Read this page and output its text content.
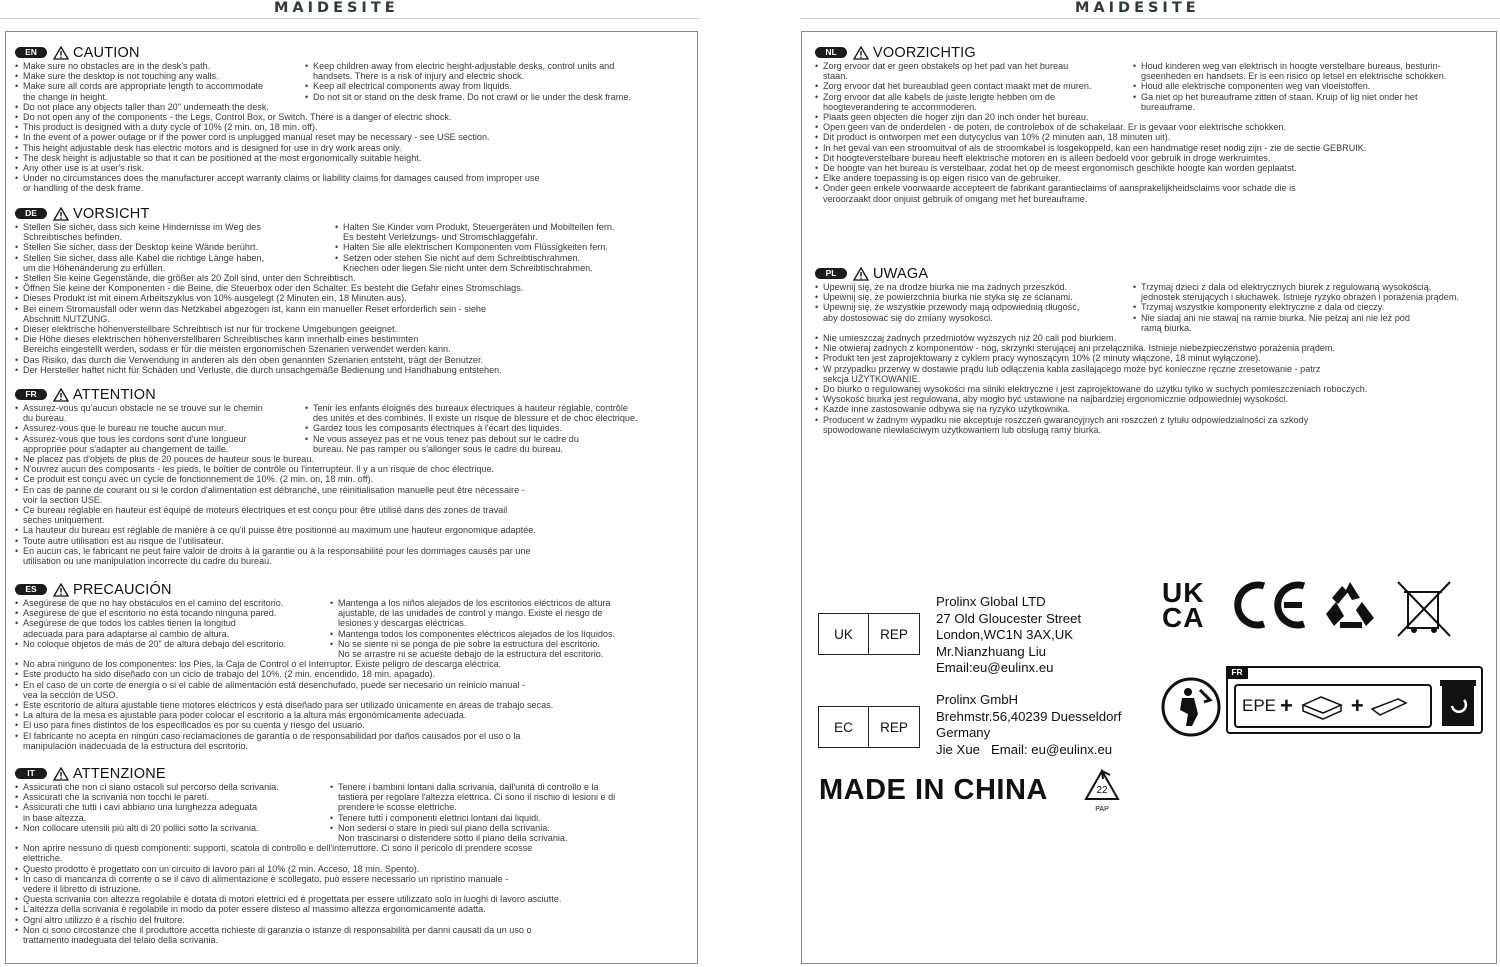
MAIDESITE	MAIDESITE
EN	CAUTION
• Make sure no obstacles are in the desk's path.
• Make sure the desktop is not touching any walls.
• Make sure all cords are appropriate length to accommodate
the change in height.
• Keep children away from electric height-adjustable desks, control units and
handsets. There is a risk of injury and electric shock.
• Keep all electrical components away from liquids.
• Do not sit or stand on the desk frame. Do not crawl or lie under the desk frame.
• Do not place any objects taller than 20" underneath the desk.
• Do not open any of the components - the Legs, Control Box, or Switch. There is a danger of electric shock.
• This product is designed with a duty cycle of 10% (2 min. on, 18 min. off).
• In the event of a power outage or if the power cord is unplugged manual reset may be necessary - see USE section.
• This height adjustable desk has electric motors and is designed for use in dry work areas only.
• The desk height is adjustable so that it can be positioned at the most ergonomically suitable height.
• Any other use is at user's risk.
• Under no circumstances does the manufacturer accept warranty claims or liability claims for damages caused from improper use
or handling of the desk frame.
DE	VORSICHT
• Stellen Sie sicher, dass sich keine Hindernisse im Weg des
Schreibtisches befinden.
• Stellen Sie sicher, dass der Desktop keine Wände berührt.
• Stellen Sie sicher, dass alle Kabel die richtige Länge haben,
um die Höhenänderung zu erfüllen.
• Halten Sie Kinder vom Produkt, Steuergeräten und Mobilteilen fern.
Es besteht Verletzungs- und Stromschlaggefahr.
• Halten Sie alle elektrischen Komponenten vom Flüssigkeiten fern.
• Setzen oder stehen Sie nicht auf dem Schreibtischrahmen.
Kriechen oder liegen Sie nicht unter dem Schreibtischrahmen.
• Stellen Sie keine Gegenstände, die größer als 20 Zoll sind, unter den Schreibtisch.
• Öffnen Sie keine der Komponenten - die Beine, die Steuerbox oder den Schalter. Es besteht die Gefahr eines Stromschlags.
• Dieses Produkt ist mit einem Arbeitszyklus von 10% ausgelegt (2 Minuten ein, 18 Minuten aus).
• Bei einem Stromausfall oder wenn das Netzkabel abgezogen ist, kann ein manueller Reset erforderlich sein - siehe
Abschnitt NUTZUNG.
• Dieser elektrische höhenverstellbare Schreibtisch ist nur für trockene Umgebungen geeignet.
• Die Höhe dieses elektrischen höhenverstellbaren Schreibtisches kann innerhalb eines bestimmten
Bereichs eingestellt werden, sodass er für die meisten ergonomischen Szenarien verwendet werden kann.
• Das Risiko, das durch die Verwendung in anderen als den oben genannten Szenarien entsteht, trägt der Benutzer.
• Der Hersteller haftet nicht für Schäden und Verluste, die durch unsachgemäße Bedienung und Handhabung entstehen.
FR	ATTENTION
• Assurez-vous qu'aucun obstacle ne se trouve sur le chemin
du bureau.
• Assurez-vous que le bureau ne touche aucun mur.
• Assurez-vous que tous les cordons sont d'une longueur
appropriée pour s'adapter au changement de taille.
• Tenir les enfants éloignés des bureaux électriques à hauteur réglable, contrôle
des unités et des combinés. Il existe un risque de blessure et de choc électrique.
• Gardez tous les composants électriques à l'écart des liquides.
• Ne vous asseyez pas et ne vous tenez pas debout sur le cadre du
bureau. Ne pas ramper ou s'allonger sous le cadre du bureau.
• Ne placez pas d'objets de plus de 20 pouces de hauteur sous le bureau.
• N'ouvrez aucun des composants - les pieds, le boîtier de contrôle ou l'interrupteur. Il y a un risque de choc électrique.
• Ce produit est conçu avec un cycle de fonctionnement de 10%. (2 min. on, 18 min. off).
• En cas de panne de courant ou si le cordon d'alimentation est débranché, une réinitialisation manuelle peut être nécessaire -
voir la section USE.
• Ce bureau réglable en hauteur est équipé de moteurs électriques et est conçu pour être utilisé dans des zones de travail
sèches uniquement.
• La hauteur du bureau est réglable de manière à ce qu'il puisse être positionné au maximum une hauteur ergonomique adaptée.
• Toute autre utilisation est au risque de l'utilisateur.
• En aucun cas, le fabricant ne peut faire valoir de droits à la garantie ou à la responsabilité pour les dommages causés par une
utilisation ou une manipulation incorrecte du cadre du bureau.
ES	PRECAUCIÓN
• Asegúrese de que no hay obstáculos en el camino del escritorio.
• Asegúrese de que el escritorio no está tocando ninguna pared.
• Asegúrese de que todos los cables tienen la longitud
adecuada para para adaptarse al cambio de altura.
• No coloque objetos de más de 20" de altura debajo del escritorio.
• Mantenga a los niños alejados de los escritorios eléctricos de altura
ajustable, de las unidades de control y mango. Existe el riesgo de
lesiones y descargas eléctricas.
• Mantenga todos los componentes eléctricos alejados de los líquidos.
• No se siente ni se ponga de pie sobre la estructura del escritorio.
No se arrastre ni se acueste debajo de la estructura del escritorio.
• No abra ninguno de los componentes: los Pies, la Caja de Control o el Interruptor. Existe peligro de descarga eléctrica.
• Este producto ha sido diseñado con un ciclo de trabajo del 10%. (2 min. encendido, 18 min. apagado).
• En el caso de un corte de energía o si el cable de alimentación está desenchufado, puede ser necesario un reinicio manual -
vea la sección de USO.
• Este escritorio de altura ajustable tiene motores eléctricos y está diseñado para ser utilizado únicamente en áreas de trabajo secas.
• La altura de la mesa es ajustable para poder colocar el escritorio a la altura más ergonómicamente adecuada.
• El uso para fines distintos de los especificados es por su cuenta y riesgo del usuario.
• El fabricante no acepta en ningún caso reclamaciones de garantía o de responsabilidad por daños causados por el uso o la
manipulación inadecuada de la estructura del escritorio.
IT	ATTENZIONE
• Assicurati che non ci siano ostacoli sul percorso della scrivania.
• Assicurati che la scrivania non tocchi le pareti.
• Assicurati che tutti i cavi abbiano una lunghezza adeguata
in base altezza.
• Non collocare utensili più alti di 20 pollici sotto la scrivania.
• Tenere i bambini lontani dalla scrivania, dall'unità di controllo e la
tastiera per regolare l'altezza elettrica. Ci sono il rischio di lesioni e di
prendere le scosse elettriche.
• Tenere tutti i componenti elettrici lontani dai liquidi.
• Non sedersi o stare in piedi sul piano della scrivania.
Non trascinarsi o distendere sotto il piano della scrivania.
• Non aprire nessuno di questi componenti: supporti, scatola di controllo e dell'interruttore. Ci sono il pericolo di prendere scosse
elettriche.
• Questo prodotto è progettato con un circuito di lavoro pari al 10% (2 min. Acceso, 18 min. Spento).
• In caso di mancanza di corrente o se il cavo di alimentazione è scollegato, può essere necessario un ripristino manuale -
vedere il libretto di istruzione.
• Questa scrivania con altezza regolabile è dotata di motori elettrici ed è progettata per essere utilizzato solo in luoghi di lavoro asciutte.
• L'altezza della scrivania è regolabile in modo da poter essere disteso al massimo altezza ergonomicamente adatta.
• Ogni altro utilizzo è a rischio del fruitore.
• Non ci sono circostanze che il produttore accetta richieste di garanzia o istanze di responsabilità per danni causati da un uso o
trattamento inadeguata del telaio della scrivania.
NL	VOORZICHTIG
• Zorg ervoor dat er geen obstakels op het pad van het bureau
staan.
• Zorg ervoor dat het bureaublad geen contact maakt met de muren.
• Zorg ervoor dat alle kabels de juiste lengte hebben om de
hoogteverandering te accommoderen.
• Houd kinderen weg van elektrisch in hoogte verstelbare bureaus, besturin-
gseenheden en handsets. Er is een risico op letsel en elektrische schokken.
• Houd alle elektrische componenten weg van vloeistoffen.
• Ga niet op het bureauframe zitten of staan. Kruip of lig niet onder het
bureauframe.
• Plaats geen objecten die hoger zijn dan 20 inch onder het bureau.
• Open geen van de onderdelen - de poten, de controlebox of de schakelaar. Er is gevaar voor elektrische schokken.
• Dit product is ontworpen met een dutycyclus van 10% (2 minuten aan, 18 minuten uit).
• In het geval van een stroomuitval of als de stroomkabel is losgekoppeld, kan een handmatige reset nodig zijn - zie de sectie GEBRUIK.
• Dit hoogteverstelbare bureau heeft elektrische motoren en is alleen bedoeld voor gebruik in droge werkruimtes.
• De hoogte van het bureau is verstelbaar, zodat het op de meest ergonomisch geschikte hoogte kan worden geplaatst.
• Elke andere toepassing is op eigen risico van de gebruiker.
• Onder geen enkele voorwaarde accepteert de fabrikant garantieclaims of aansprakelijkheidsclaims voor schade die is
veroorzaakt door onjuist gebruik of omgang met het bureauframe.
PL	UWAGA
• Upewnij się, że na drodze biurka nie ma żadnych przeszkód.

• Upewnij się, że powierzchnia biurka nie styka się ze ścianami.
• Upewnij się, że wszystkie przewody mają odpowiednią długość,
aby dostosować się do zmiany wysokości.
• Trzymaj dzieci z dala od elektrycznych biurek z regulowaną wysokością,
jednostek sterujących i słuchawek. Istnieje ryzyko obrażeń i porażenia prądem.
• Trzymaj wszystkie komponenty elektryczne z dala od cieczy.
• Nie siadaj ani nie stawaj na ramie biurka. Nie pełzaj ani nie leż pod
ramą biurka.
• Nie umieszczaj żadnych przedmiotów wyższych niż 20 cali pod biurkiem.
• Nie otwieraj żadnych z komponentów - nóg, skrzynki sterującej ani przełącznika. Istnieje niebezpieczeństwo porażenia prądem.
• Produkt ten jest zaprojektowany z cyklem pracy wynoszącym 10% (2 minuty włączone, 18 minut wyłączone).
• W przypadku przerwy w dostawie prądu lub odłączenia kabla zasilającego może być konieczne ręczne zresetowanie - patrz
sekcja UŻYTKOWANIE.
• Do biurko o regulowanej wysokości ma silniki elektryczne i jest zaprojektowane do użytku tylko w suchych pomieszczeniach roboczych.
• Wysokość biurka jest regulowana, aby mogło być ustawione na najbardziej ergonomicznie odpowiedniej wysokości.

• Każde inne zastosowanie odbywa się na ryzyko użytkownika.
• Producent w żadnym wypadku nie akceptuje roszczeń gwarancyjnych ani roszczeń z tytułu odpowiedzialności za szkody
spowodowane niewłaściwym użytkowaniem lub obsługą ramy biurka.
UK	REP
Prolinx Global LTD
27 Old Gloucester Street
London,WC1N 3AX,UK
Mr.Nianzhuang Liu
Email:eu@eulinx.eu
EC	REP
Prolinx GmbH
Brehmstr.56,40239 Duesseldorf
Germany
Jie Xue   Email: eu@eulinx.eu
MADE IN CHINA	22
PAP
UK
CA
FR
EPE +	+
